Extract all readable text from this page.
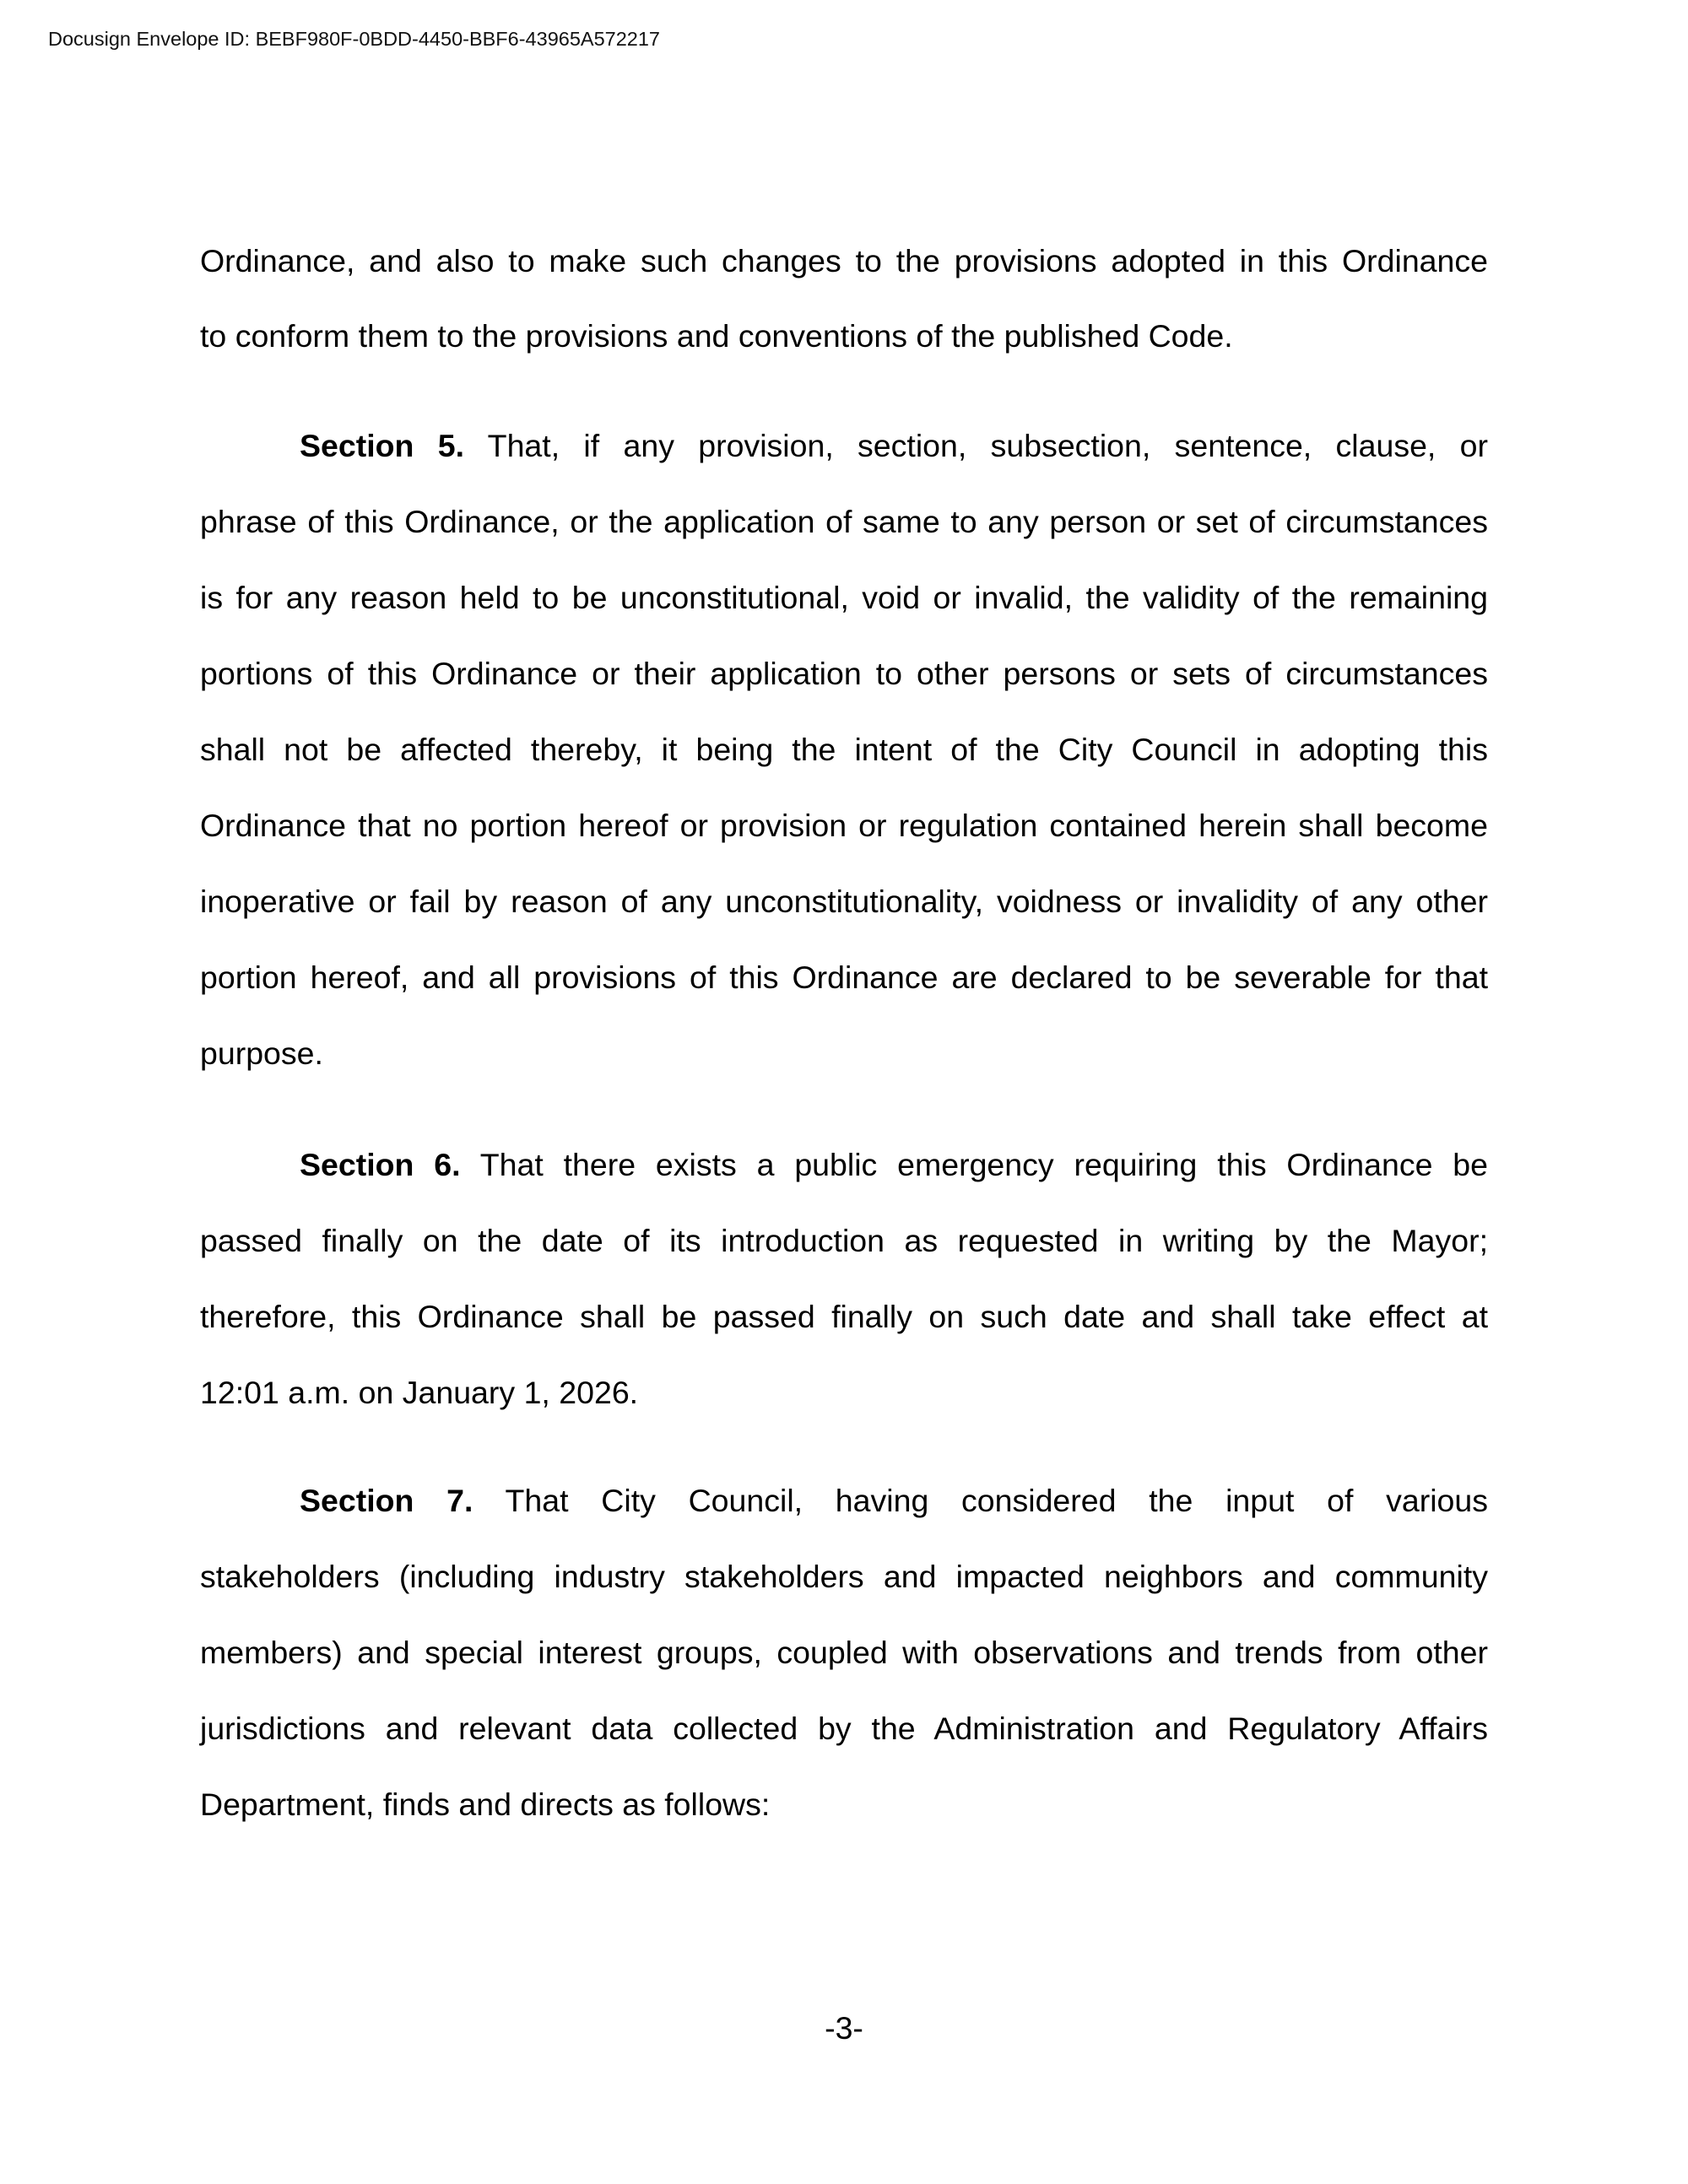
Docusign Envelope ID: BEBF980F-0BDD-4450-BBF6-43965A572217
Ordinance, and also to make such changes to the provisions adopted in this Ordinance
to conform them to the provisions and conventions of the published Code.
Section 5. That, if any provision, section, subsection, sentence, clause, or
phrase of this Ordinance, or the application of same to any person or set of circumstances
is for any reason held to be unconstitutional, void or invalid, the validity of the remaining
portions of this Ordinance or their application to other persons or sets of circumstances
shall not be affected thereby, it being the intent of the City Council in adopting this
Ordinance that no portion hereof or provision or regulation contained herein shall become
inoperative or fail by reason of any unconstitutionality, voidness or invalidity of any other
portion hereof, and all provisions of this Ordinance are declared to be severable for that
purpose.
Section 6. That there exists a public emergency requiring this Ordinance be
passed finally on the date of its introduction as requested in writing by the Mayor;
therefore, this Ordinance shall be passed finally on such date and shall take effect at
12:01 a.m. on January 1, 2026.
Section 7. That City Council, having considered the input of various
stakeholders (including industry stakeholders and impacted neighbors and community
members) and special interest groups, coupled with observations and trends from other
jurisdictions and relevant data collected by the Administration and Regulatory Affairs
Department, finds and directs as follows:
-3-
